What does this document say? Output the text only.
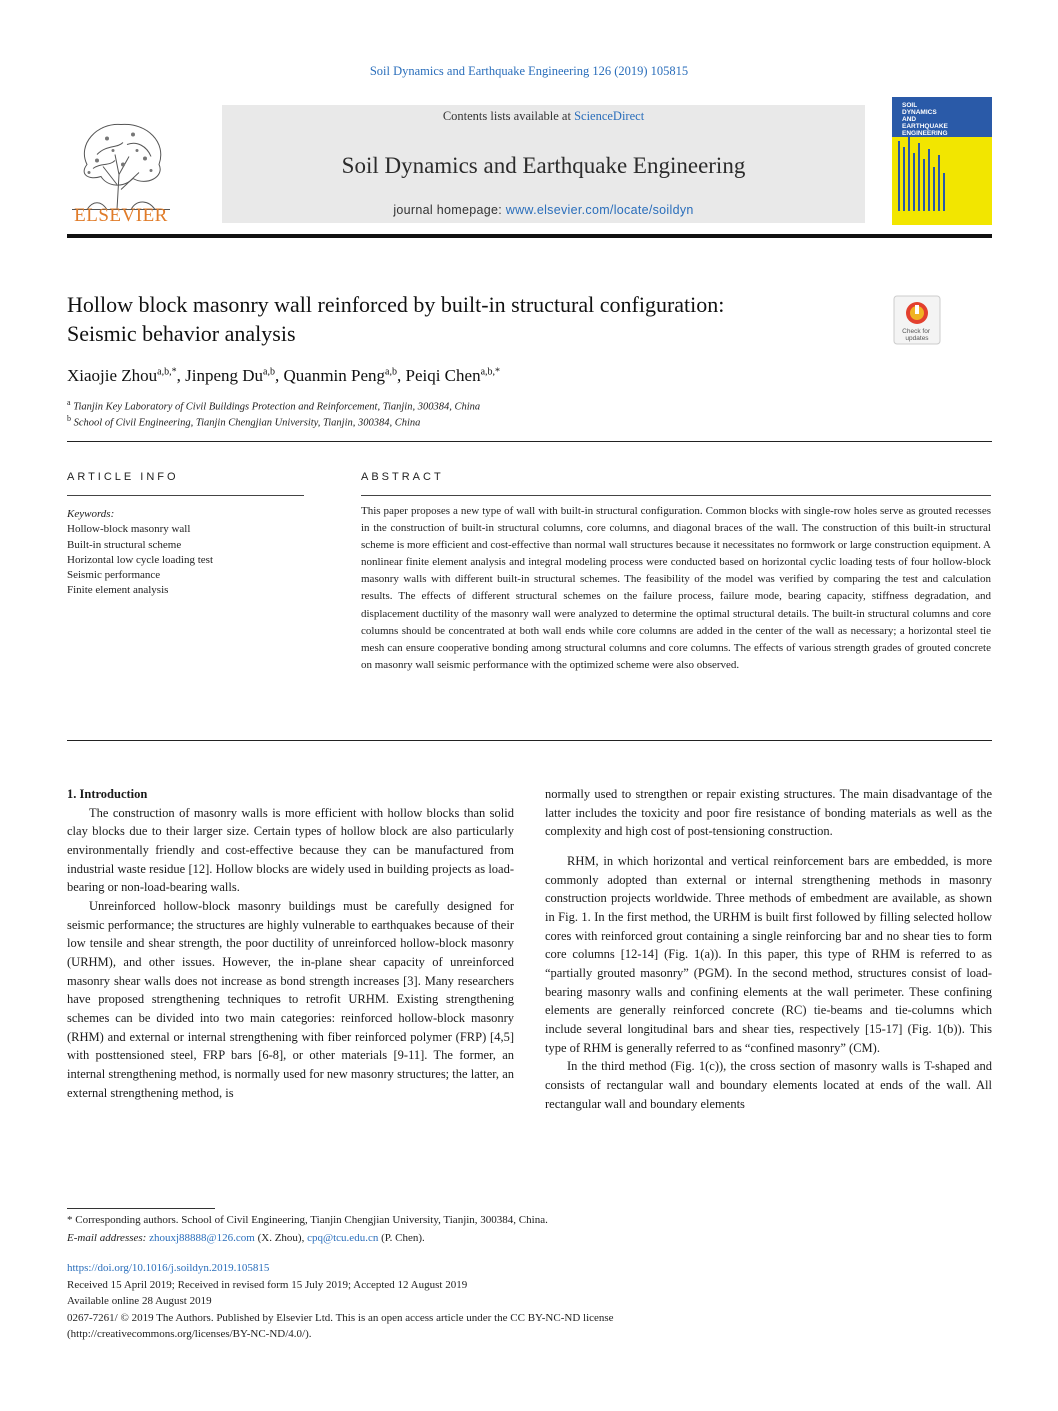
Soil Dynamics and Earthquake Engineering 126 (2019) 105815
ELSEVIER
Contents lists available at ScienceDirect
Soil Dynamics and Earthquake Engineering
journal homepage: www.elsevier.com/locate/soildyn
SOIL DYNAMICS AND EARTHQUAKE ENGINEERING
Hollow block masonry wall reinforced by built-in structural configuration:
Seismic behavior analysis	Check for updates
Xiaojie Zhou$^{a,b,*}$, Jinpeng Du$^{a,b}$, Quanmin Peng$^{a,b}$, Peiqi Chen$^{a,b,*}$
$^a$ Tianjin Key Laboratory of Civil Buildings Protection and Reinforcement, Tianjin, 300384, China
$^b$ School of Civil Engineering, Tianjin Chengjian University, Tianjin, 300384, China
ARTICLE INFO	ABSTRACT
Keywords:
Hollow-block masonry wall
Built-in structural scheme
Horizontal low cycle loading test
Seismic performance
Finite element analysis
This paper proposes a new type of wall with built-in structural configuration. Common blocks with single-row holes serve as grouted recesses in the construction of built-in structural columns, core columns, and diagonal braces of the wall. The construction of this built-in structural scheme is more efficient and cost-effective than normal wall structures because it necessitates no formwork or large construction equipment. A nonlinear finite element analysis and integral modeling process were conducted based on horizontal cyclic loading tests of four hollow-block masonry walls with different built-in structural schemes. The feasibility of the model was verified by comparing the test and calculation results. The effects of different structural schemes on the failure process, failure mode, bearing capacity, stiffness degradation, and displacement ductility of the masonry wall were analyzed to determine the optimal structural details. The built-in structural columns and core columns should be concentrated at both wall ends while core columns are added in the center of the wall as necessary; a horizontal steel tie mesh can ensure cooperative bonding among structural columns and core columns. The effects of various strength grades of grouted concrete on masonry wall seismic performance with the optimized scheme were also observed.

1. Introduction

The construction of masonry walls is more efficient with hollow blocks than solid clay blocks due to their larger size. Certain types of hollow block are also particularly environmentally friendly and cost-effective because they can be manufactured from industrial waste residue [12]. Hollow blocks are widely used in building projects as load-bearing or non-load-bearing walls.

Unreinforced hollow-block masonry buildings must be carefully designed for seismic performance; the structures are highly vulnerable to earthquakes because of their low tensile and shear strength, the poor ductility of unreinforced hollow-block masonry (URHM), and other issues. However, the in-plane shear capacity of unreinforced masonry shear walls does not increase as bond strength increases [3]. Many researchers have proposed strengthening techniques to retrofit URHM. Existing strengthening schemes can be divided into two main categories: reinforced hollow-block masonry (RHM) and external or internal strengthening with fiber reinforced polymer (FRP) [4,5] with posttensioned steel, FRP bars [6-8], or other materials [9-11]. The former, an internal strengthening method, is normally used for new masonry structures; the latter, an external strengthening method, is

normally used to strengthen or repair existing structures. The main disadvantage of the latter includes the toxicity and poor fire resistance of bonding materials as well as the complexity and high cost of post-tensioning construction.

RHM, in which horizontal and vertical reinforcement bars are embedded, is more commonly adopted than external or internal strengthening methods in masonry construction projects worldwide. Three methods of embedment are available, as shown in Fig. 1. In the first method, the URHM is built first followed by filling selected hollow cores with reinforced grout containing a single reinforcing bar and no shear ties to form core columns [12-14] (Fig. 1(a)). In this paper, this type of RHM is referred to as “partially grouted masonry” (PGM). In the second method, structures consist of load-bearing masonry walls and confining elements at the wall perimeter. These confining elements are generally reinforced concrete (RC) tie-beams and tie-columns which include several longitudinal bars and shear ties, respectively [15-17] (Fig. 1(b)). This type of RHM is generally referred to as “confined masonry” (CM).

In the third method (Fig. 1(c)), the cross section of masonry walls is T-shaped and consists of rectangular wall and boundary elements located at ends of the wall. All rectangular wall and boundary elements

* Corresponding authors. School of Civil Engineering, Tianjin Chengjian University, Tianjin, 300384, China.
E-mail addresses: zhouxj88888@126.com (X. Zhou), cpq@tcu.edu.cn (P. Chen).
https://doi.org/10.1016/j.soildyn.2019.105815
Received 15 April 2019; Received in revised form 15 July 2019; Accepted 12 August 2019
Available online 28 August 2019
0267-7261/ © 2019 The Authors. Published by Elsevier Ltd. This is an open access article under the CC BY-NC-ND license
(http://creativecommons.org/licenses/BY-NC-ND/4.0/).
